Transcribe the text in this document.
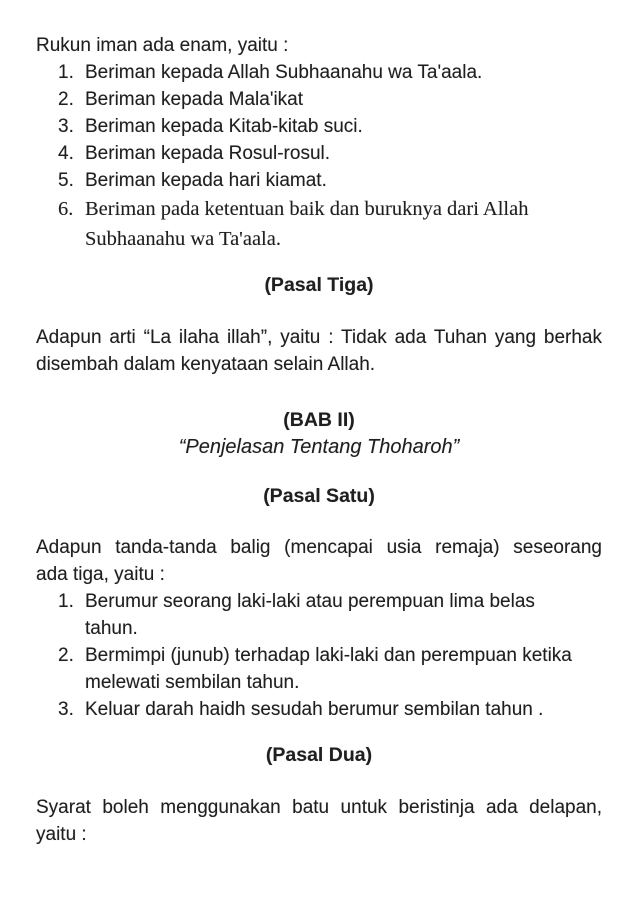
Rukun iman ada enam, yaitu :
1. Beriman kepada Allah Subhaanahu wa Ta'aala.
2. Beriman kepada Mala'ikat
3. Beriman kepada Kitab-kitab suci.
4. Beriman kepada Rosul-rosul.
5. Beriman kepada hari kiamat.
6. Beriman pada ketentuan baik dan buruknya dari Allah
Subhaanahu wa Ta'aala.
(Pasal Tiga)
Adapun arti “La ilaha illah”, yaitu : Tidak ada Tuhan yang berhak
disembah dalam kenyataan selain Allah.
(BAB II)
“Penjelasan Tentang Thoharoh”
(Pasal Satu)
Adapun tanda-tanda balig (mencapai usia remaja) seseorang
ada tiga, yaitu :
1. Berumur seorang laki-laki atau perempuan lima belas
tahun.
2. Bermimpi (junub) terhadap laki-laki dan perempuan ketika
melewati sembilan tahun.
3. Keluar darah haidh sesudah berumur sembilan tahun .
(Pasal Dua)
Syarat boleh menggunakan batu untuk beristinja ada delapan,
yaitu :
